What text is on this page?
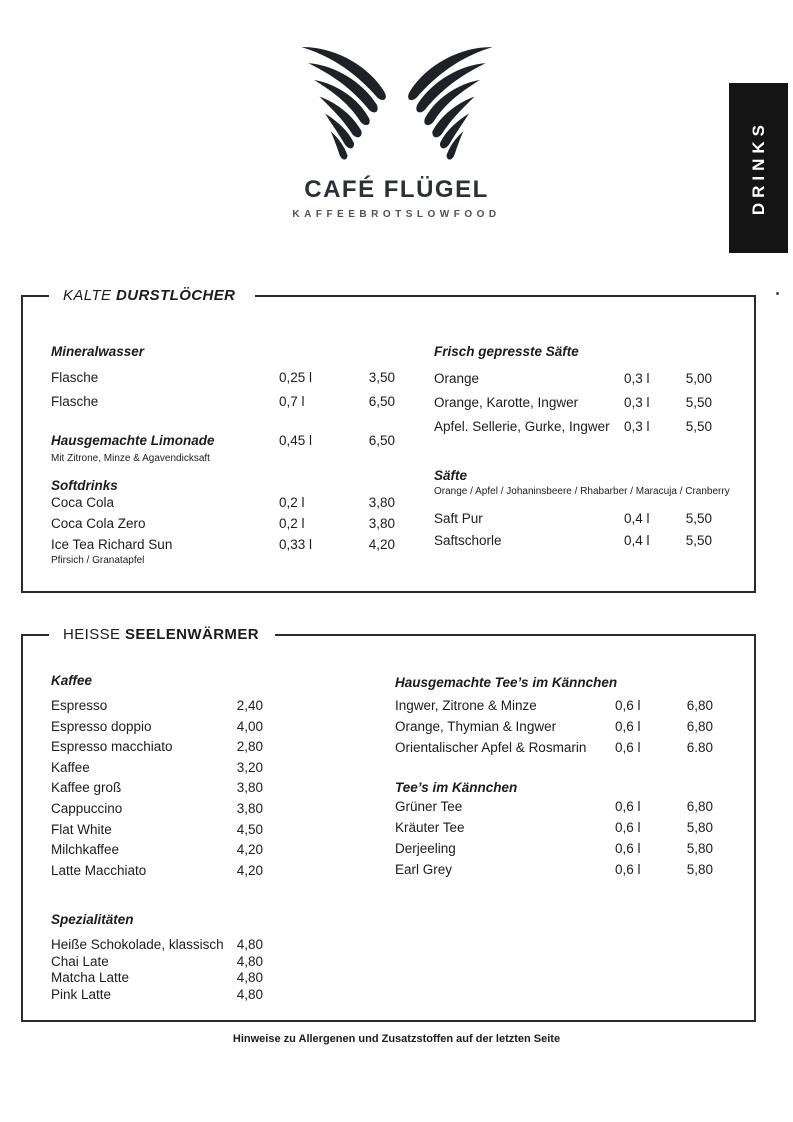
CAFÉ FLÜGEL
KAFFEEBROTSLOWFOOD	DRINKS
KALTE DURSTLÖCHER
Mineralwasser
Flasche	0,25 l	3,50
Flasche	0,7 l	6,50
Hausgemachte Limonade	0,45 l	6,50
Mit Zitrone, Minze & Agavendicksaft
Softdrinks
Coca Cola	0,2 l	3,80
Coca Cola Zero	0,2 l	3,80
Ice Tea Richard Sun	0,33 l	4,20
Pfirsich / Granatapfel
Frisch gepresste Säfte
Orange	0,3 l	5,00
Orange, Karotte, Ingwer	0,3 l	5,50
Apfel. Sellerie, Gurke, Ingwer	0,3 l	5,50
Säfte
Orange / Apfel / Johaninsbeere / Rhabarber / Maracuja / Cranberry
Saft Pur	0,4 l	5,50
Saftschorle	0,4 l	5,50
HEISSE SEELENWÄRMER
Kaffee
Espresso	2,40
Espresso doppio	4,00
Espresso macchiato	2,80
Kaffee	3,20
Kaffee groß	3,80
Cappuccino	3,80
Flat White	4,50
Milchkaffee	4,20
Latte Macchiato	4,20
Spezialitäten
Heiße Schokolade, klassisch 4,80
Chai Late	4,80
Matcha Latte	4,80
Pink Latte	4,80
Hausgemachte Tee’s im Kännchen
Ingwer, Zitrone & Minze	0,6 l	6,80
Orange, Thymian & Ingwer	0,6 l	6,80
Orientalischer Apfel & Rosmarin	0,6 l	6.80
Tee’s im Kännchen
Grüner Tee	0,6 l	6,80
Kräuter Tee	0,6 l	5,80
Derjeeling	0,6 l	5,80
Earl Grey	0,6 l	5,80
Hinweise zu Allergenen und Zusatzstoffen auf der letzten Seite
